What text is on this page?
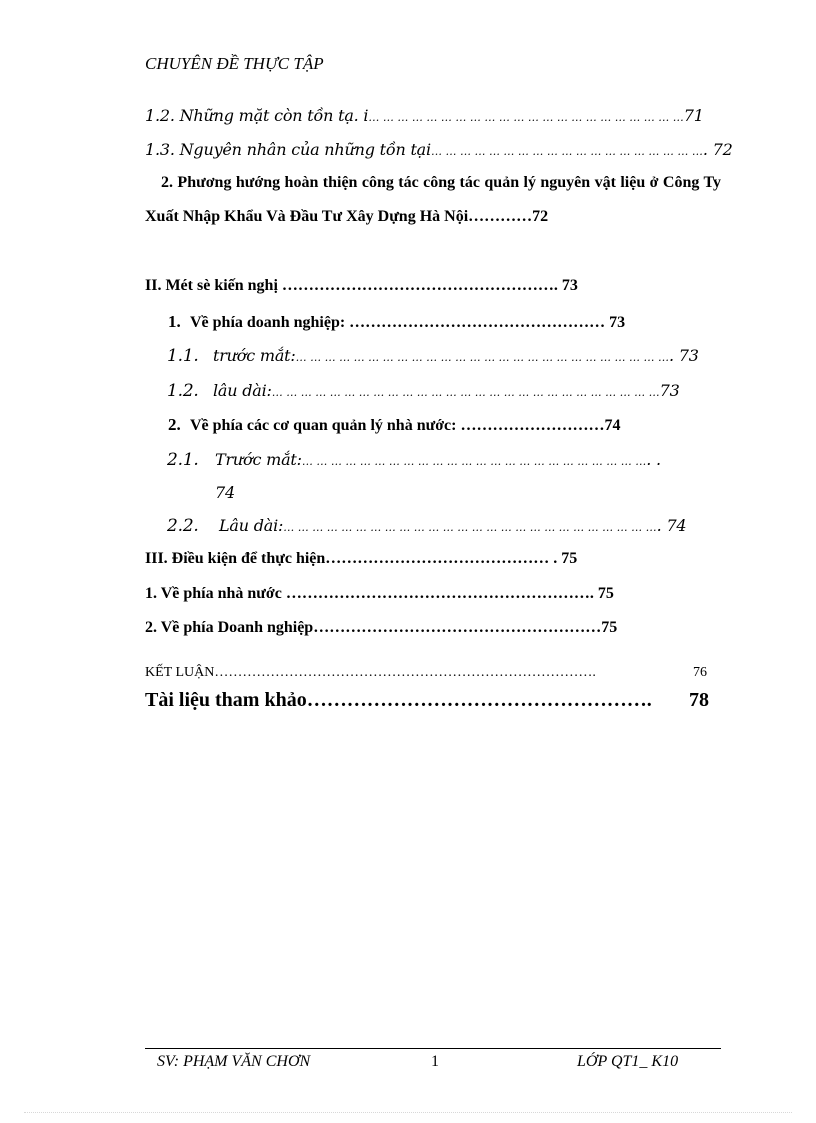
CHUYÊN ĐỀ THỰC TẬP
1.2. Những mặt còn tồn tạ. i… … … … … … … … … … … … … … … … … … … … … …71
1.3. Nguyên nhân của những tồn tại… … … … … … … … … … … … … … … … … … …. 72
2. Phương hướng hoàn thiện công tác công tác quản lý nguyên vật liệu ở Công Ty Xuất Nhập Khẩu Và Đầu Tư Xây Dựng Hà Nội…………72
II. Mét sè kiến nghị ……………………………………………. 73
1. Về phía doanh nghiệp: ………………………………………… 73
1.1. trước mắt:… … … … … … … … … … … … … … … … … … … … … … … … … …. 73
1.2. lâu dài:… … … … … … … … … … … … … … … … … … … … … … … … … … …73
2. Về phía các cơ quan quản lý nhà nước: ………………………74
2.1. Trước mắt:… … … … … … … … … … … … … … … … … … … … … … … …. .
74
2.2. Lâu dài:… … … … … … … … … … … … … … … … … … … … … … … … … …. 74
III. Điều kiện để thực hiện…………………………………… . 75
1. Về phía nhà nước …………………………………………………. 75
2. Về phía Doanh nghiệp………………………………………………75
KẾT LUẬN……………………………………………………………………….	76
Tài liệu tham khảo……………………………………………. 78
SV: PHẠM VĂN CHƠN	1	LỚP QT1_ K10
